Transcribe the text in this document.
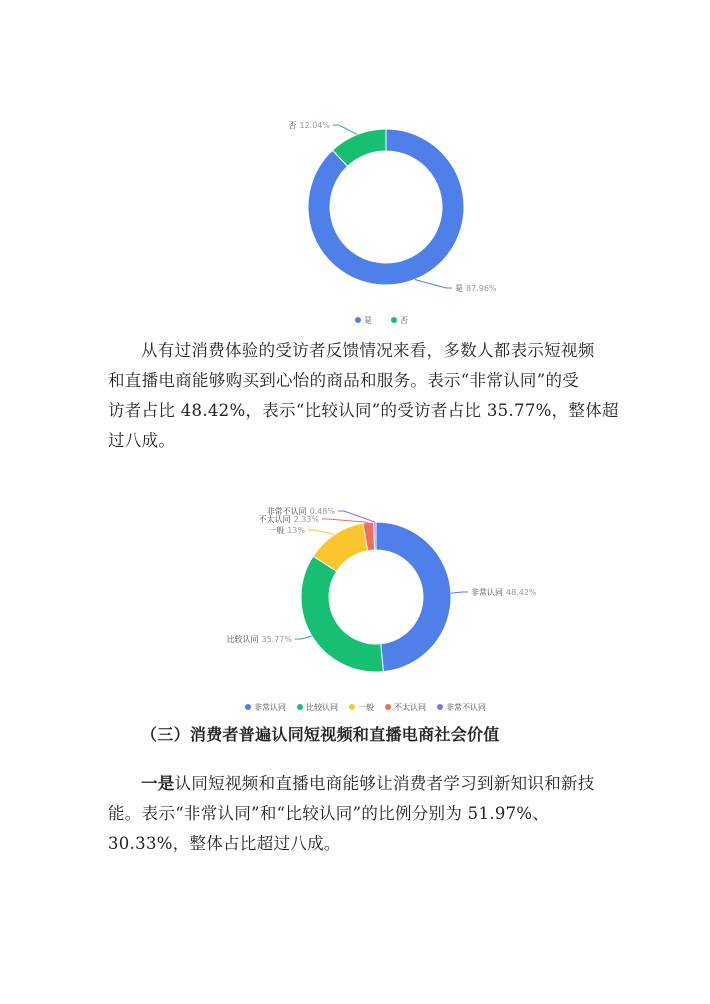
是 87.96%
否 12.04%
是	否

从有过消费体验的受访者反馈情况来看，多数人都表示短视频
和直播电商能够购买到心怡的商品和服务。表示“非常认同”的受
访者占比 48.42%，表示“比较认同”的受访者占比 35.77%，整体超
过八成。

非常认同 48.42%
比较认同 35.77%
一般 13%
不太认同 2.33%
非常不认同 0.48%
非常认同	比较认同	一般	不太认同	非常不认同
（三）消费者普遍认同短视频和直播电商社会价值

一是认同短视频和直播电商能够让消费者学习到新知识和新技
能。表示“非常认同”和“比较认同”的比例分别为 51.97%、
30.33%，整体占比超过八成。
